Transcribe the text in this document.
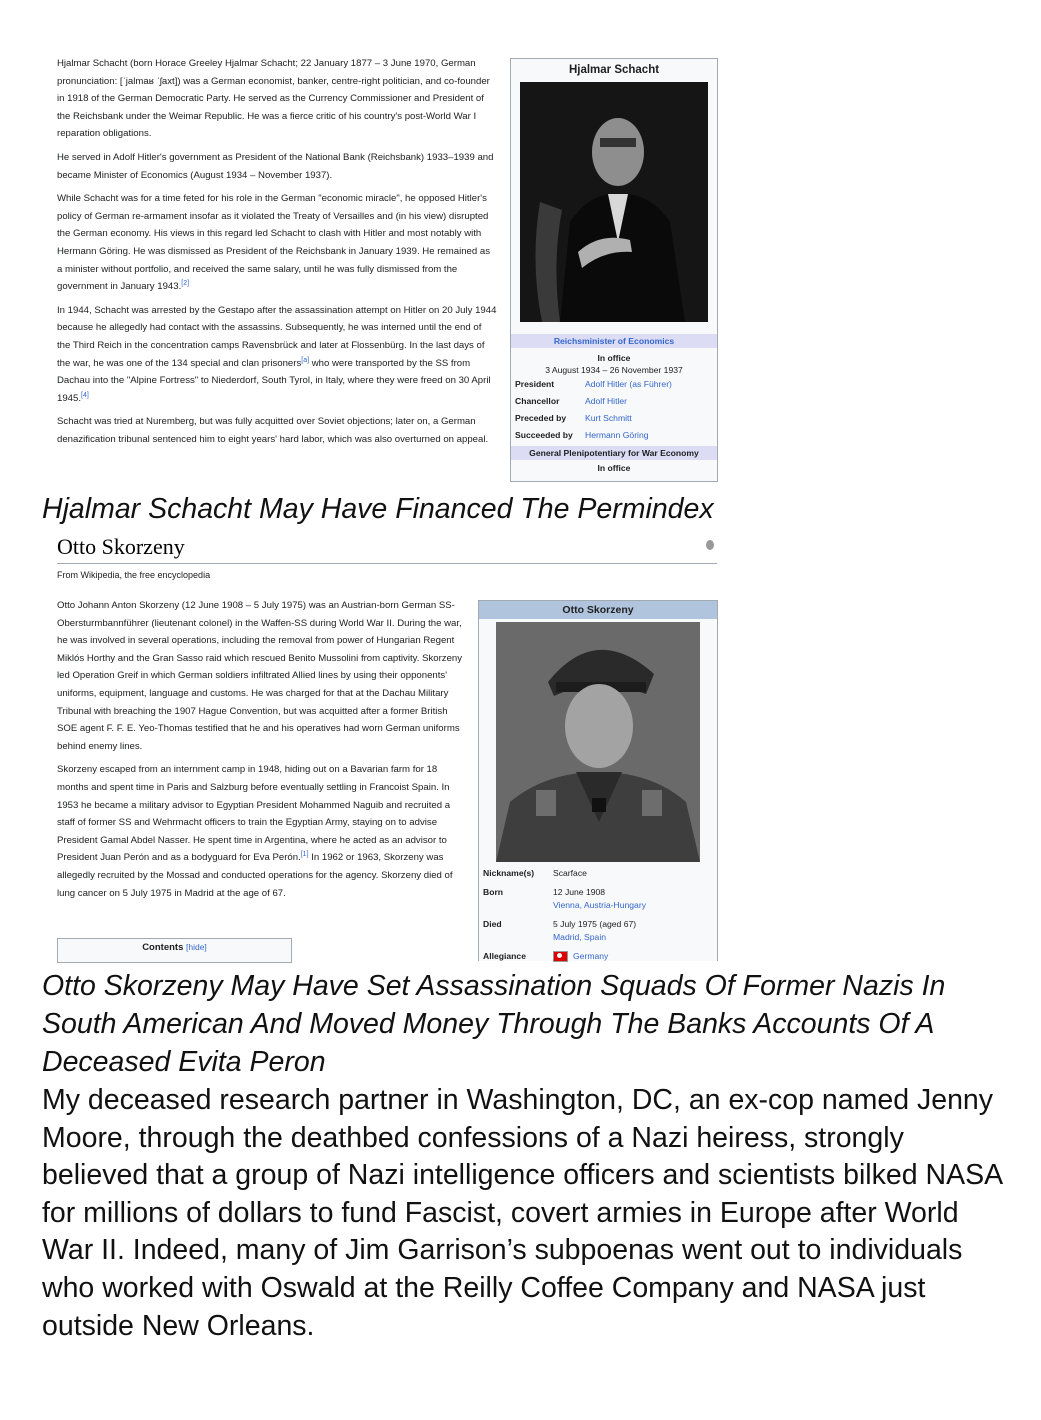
Hjalmar Schacht (born Horace Greeley Hjalmar Schacht; 22 January 1877 – 3 June 1970, German pronunciation: [ˈjalmaʁ ˈʃaxt]) was a German economist, banker, centre-right politician, and co-founder in 1918 of the German Democratic Party. He served as the Currency Commissioner and President of the Reichsbank under the Weimar Republic. He was a fierce critic of his country's post-World War I reparation obligations.

He served in Adolf Hitler's government as President of the National Bank (Reichsbank) 1933–1939 and became Minister of Economics (August 1934 – November 1937).

While Schacht was for a time feted for his role in the German "economic miracle", he opposed Hitler's policy of German re-armament insofar as it violated the Treaty of Versailles and (in his view) disrupted the German economy. His views in this regard led Schacht to clash with Hitler and most notably with Hermann Göring. He was dismissed as President of the Reichsbank in January 1939. He remained as a minister without portfolio, and received the same salary, until he was fully dismissed from the government in January 1943.[2]

In 1944, Schacht was arrested by the Gestapo after the assassination attempt on Hitler on 20 July 1944 because he allegedly had contact with the assassins. Subsequently, he was interned until the end of the Third Reich in the concentration camps Ravensbrück and later at Flossenbürg. In the last days of the war, he was one of the 134 special and clan prisoners[a] who were transported by the SS from Dachau into the "Alpine Fortress" to Niederdorf, South Tyrol, in Italy, where they were freed on 30 April 1945.[4]

Schacht was tried at Nuremberg, but was fully acquitted over Soviet objections; later on, a German denazification tribunal sentenced him to eight years' hard labor, which was also overturned on appeal.

Hjalmar Schacht
Reichsminister of Economics
In office
3 August 1934 – 26 November 1937
President	Adolf Hitler (as Führer)
Chancellor	Adolf Hitler
Preceded by	Kurt Schmitt
Succeeded by	Hermann Göring
General Plenipotentiary for War Economy
In office
Hjalmar Schacht May Have Financed The Permindex
Otto Skorzeny
From Wikipedia, the free encyclopedia

Otto Johann Anton Skorzeny (12 June 1908 – 5 July 1975) was an Austrian-born German SS-Obersturmbannführer (lieutenant colonel) in the Waffen-SS during World War II. During the war, he was involved in several operations, including the removal from power of Hungarian Regent Miklós Horthy and the Gran Sasso raid which rescued Benito Mussolini from captivity. Skorzeny led Operation Greif in which German soldiers infiltrated Allied lines by using their opponents' uniforms, equipment, language and customs. He was charged for that at the Dachau Military Tribunal with breaching the 1907 Hague Convention, but was acquitted after a former British SOE agent F. F. E. Yeo-Thomas testified that he and his operatives had worn German uniforms behind enemy lines.

Skorzeny escaped from an internment camp in 1948, hiding out on a Bavarian farm for 18 months and spent time in Paris and Salzburg before eventually settling in Francoist Spain. In 1953 he became a military advisor to Egyptian President Mohammed Naguib and recruited a staff of former SS and Wehrmacht officers to train the Egyptian Army, staying on to advise President Gamal Abdel Nasser. He spent time in Argentina, where he acted as an advisor to President Juan Perón and as a bodyguard for Eva Perón.[1] In 1962 or 1963, Skorzeny was allegedly recruited by the Mossad and conducted operations for the agency. Skorzeny died of lung cancer on 5 July 1975 in Madrid at the age of 67.

Contents [hide]
Otto Skorzeny
Nickname(s)	Scarface
Born	12 June 1908
Vienna, Austria-Hungary
Died	5 July 1975 (aged 67)
Madrid, Spain
Allegiance	Germany
Otto Skorzeny May Have Set Assassination Squads Of Former Nazis In South American And Moved Money Through The Banks Accounts Of A Deceased Evita Peron
My deceased research partner in Washington, DC, an ex-cop named Jenny Moore, through the deathbed confessions of a Nazi heiress, strongly believed that a group of Nazi intelligence officers and scientists bilked NASA for millions of dollars to fund Fascist, covert armies in Europe after World War II. Indeed, many of Jim Garrison’s subpoenas went out to individuals who worked with Oswald at the Reilly Coffee Company and NASA just outside New Orleans.
